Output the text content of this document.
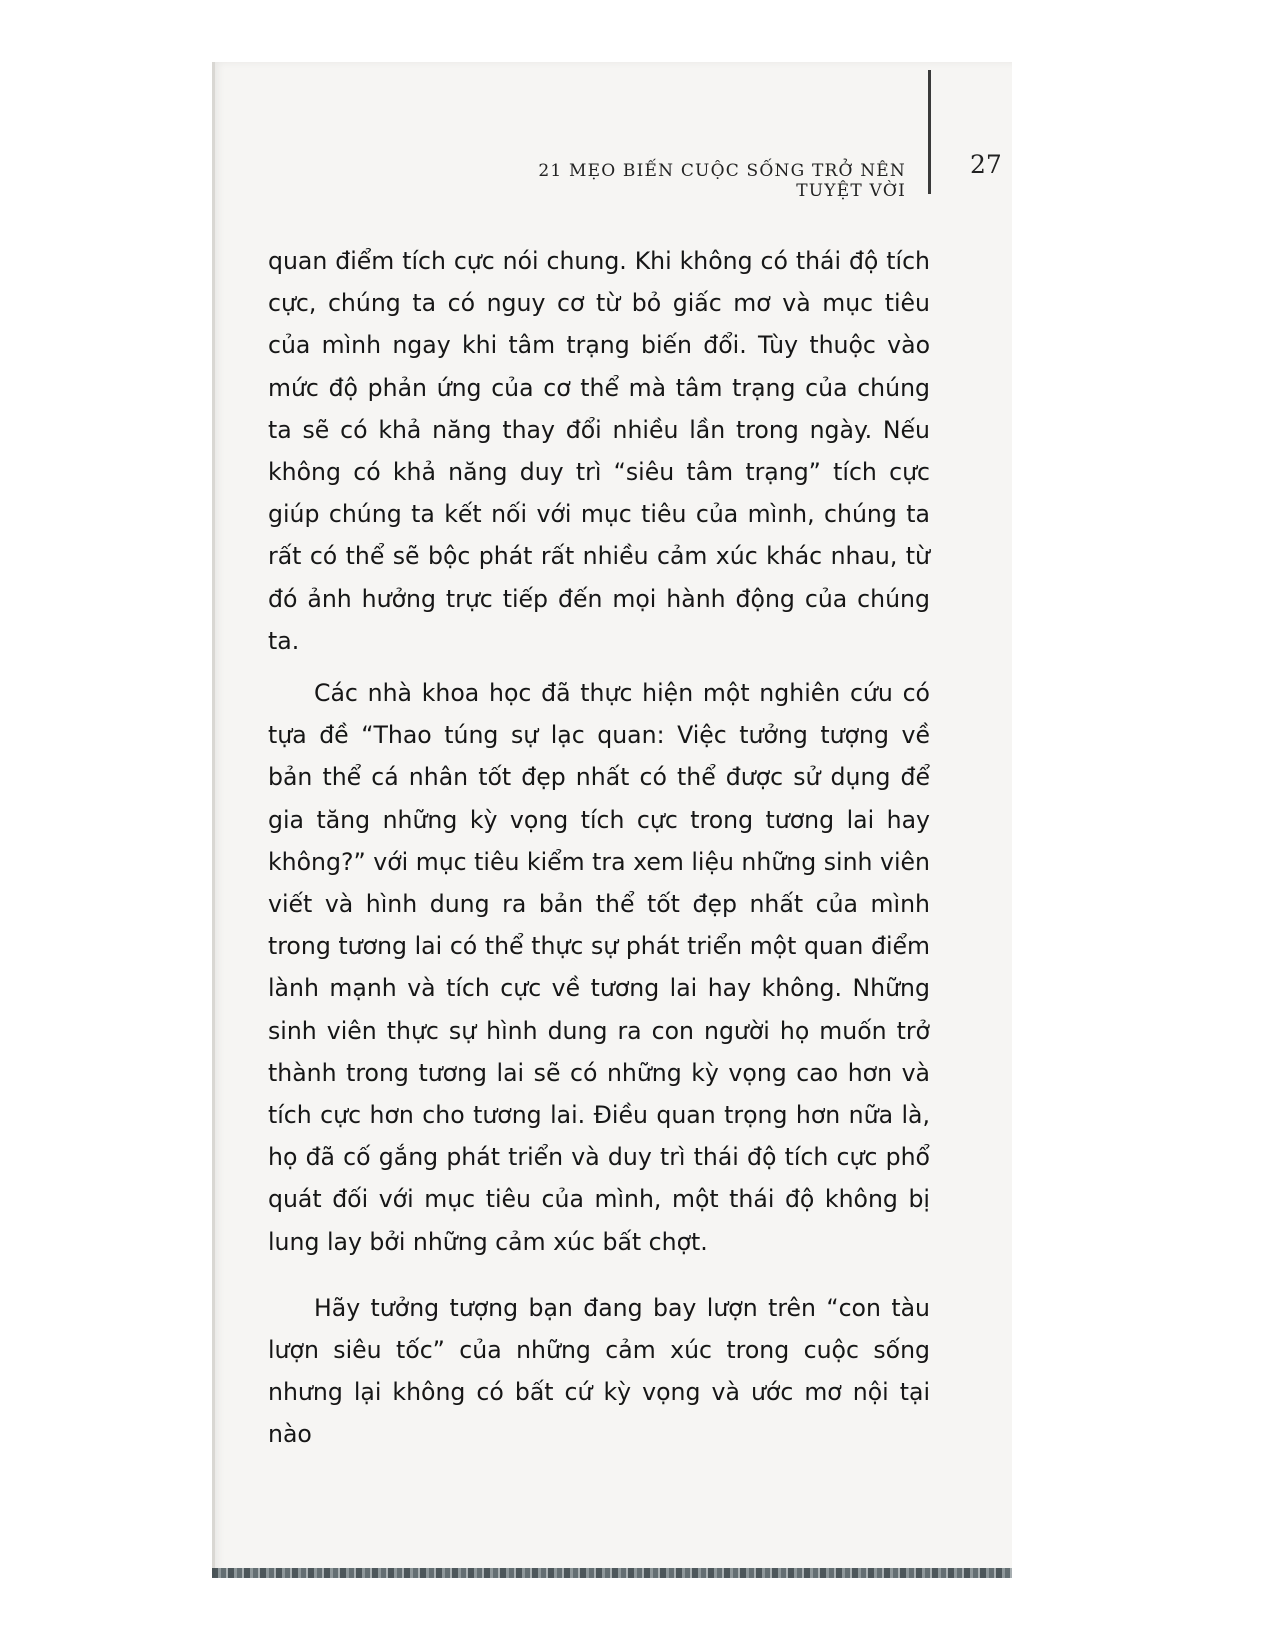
21 MẸO BIẾN CUỘC SỐNG TRỞ NÊN TUYỆT VỜI
27

quan điểm tích cực nói chung. Khi không có thái độ tích cực, chúng ta có nguy cơ từ bỏ giấc mơ và mục tiêu của mình ngay khi tâm trạng biến đổi. Tùy thuộc vào mức độ phản ứng của cơ thể mà tâm trạng của chúng ta sẽ có khả năng thay đổi nhiều lần trong ngày. Nếu không có khả năng duy trì “siêu tâm trạng” tích cực giúp chúng ta kết nối với mục tiêu của mình, chúng ta rất có thể sẽ bộc phát rất nhiều cảm xúc khác nhau, từ đó ảnh hưởng trực tiếp đến mọi hành động của chúng ta.

Các nhà khoa học đã thực hiện một nghiên cứu có tựa đề “Thao túng sự lạc quan: Việc tưởng tượng về bản thể cá nhân tốt đẹp nhất có thể được sử dụng để gia tăng những kỳ vọng tích cực trong tương lai hay không?” với mục tiêu kiểm tra xem liệu những sinh viên viết và hình dung ra bản thể tốt đẹp nhất của mình trong tương lai có thể thực sự phát triển một quan điểm lành mạnh và tích cực về tương lai hay không. Những sinh viên thực sự hình dung ra con người họ muốn trở thành trong tương lai sẽ có những kỳ vọng cao hơn và tích cực hơn cho tương lai. Điều quan trọng hơn nữa là, họ đã cố gắng phát triển và duy trì thái độ tích cực phổ quát đối với mục tiêu của mình, một thái độ không bị lung lay bởi những cảm xúc bất chợt.

Hãy tưởng tượng bạn đang bay lượn trên “con tàu lượn siêu tốc” của những cảm xúc trong cuộc sống nhưng lại không có bất cứ kỳ vọng và ước mơ nội tại nào
